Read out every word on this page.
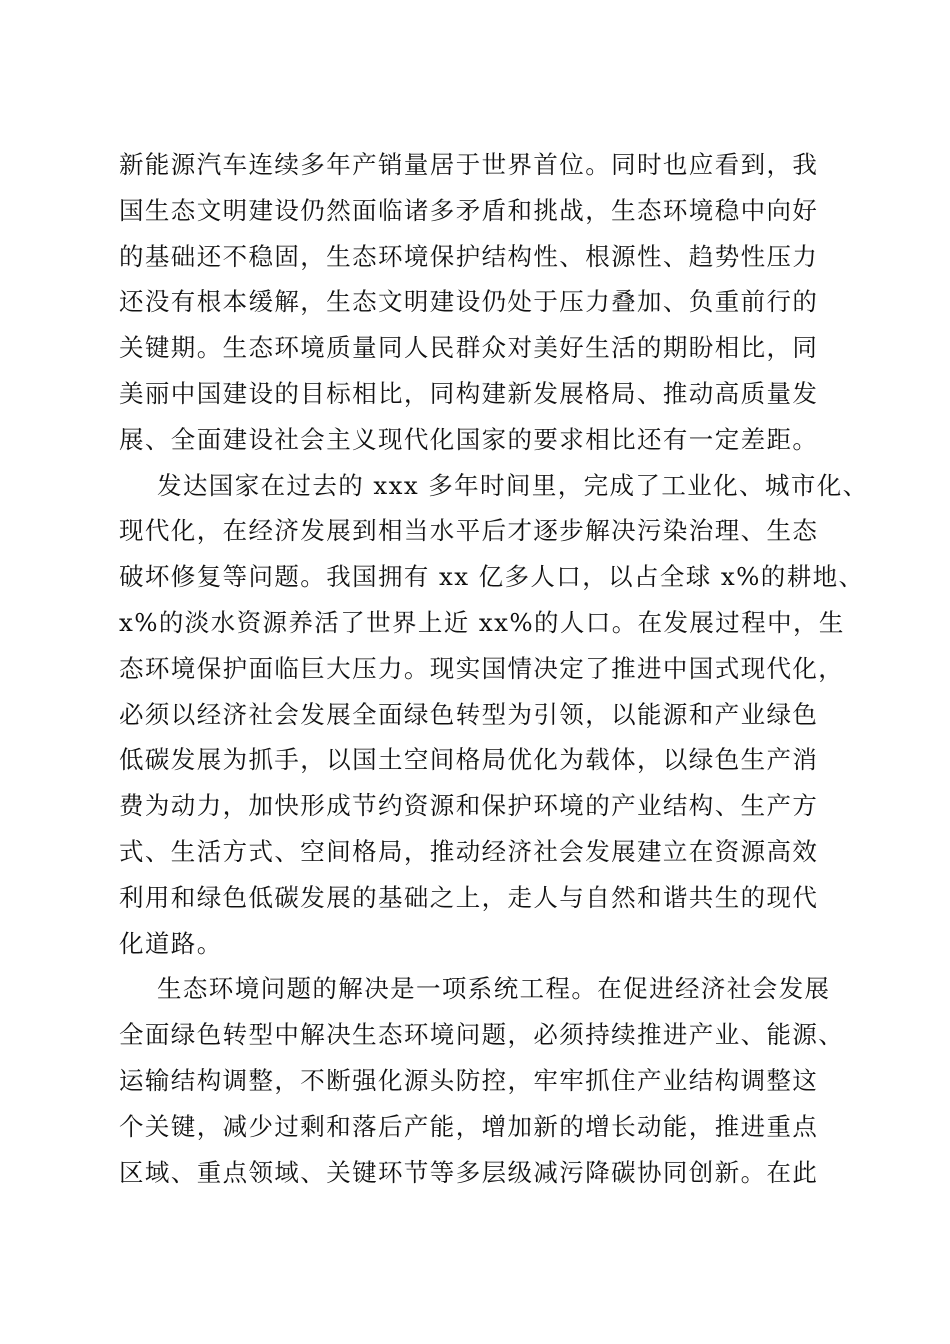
新能源汽车连续多年产销量居于世界首位。同时也应看到，我
国生态文明建设仍然面临诸多矛盾和挑战，生态环境稳中向好
的基础还不稳固，生态环境保护结构性、根源性、趋势性压力
还没有根本缓解，生态文明建设仍处于压力叠加、负重前行的
关键期。生态环境质量同人民群众对美好生活的期盼相比，同
美丽中国建设的目标相比，同构建新发展格局、推动高质量发
展、全面建设社会主义现代化国家的要求相比还有一定差距。
发达国家在过去的 xxx 多年时间里，完成了工业化、城市化、
现代化，在经济发展到相当水平后才逐步解决污染治理、生态
破坏修复等问题。我国拥有 xx 亿多人口，以占全球 x%的耕地、
x%的淡水资源养活了世界上近 xx%的人口。在发展过程中，生
态环境保护面临巨大压力。现实国情决定了推进中国式现代化，
必须以经济社会发展全面绿色转型为引领，以能源和产业绿色
低碳发展为抓手，以国土空间格局优化为载体，以绿色生产消
费为动力，加快形成节约资源和保护环境的产业结构、生产方
式、生活方式、空间格局，推动经济社会发展建立在资源高效
利用和绿色低碳发展的基础之上，走人与自然和谐共生的现代
化道路。
生态环境问题的解决是一项系统工程。在促进经济社会发展
全面绿色转型中解决生态环境问题，必须持续推进产业、能源、
运输结构调整，不断强化源头防控，牢牢抓住产业结构调整这
个关键，减少过剩和落后产能，增加新的增长动能，推进重点
区域、重点领域、关键环节等多层级减污降碳协同创新。在此
